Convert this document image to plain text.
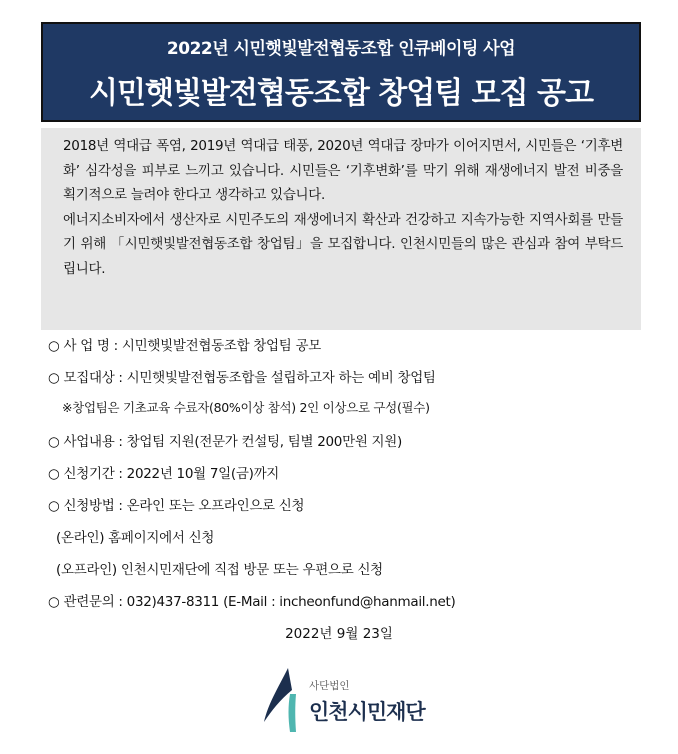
2022년 시민햇빛발전협동조합 인큐베이팅 사업
시민햇빛발전협동조합 창업팀 모집 공고

2018년 역대급 폭염, 2019년 역대급 태풍, 2020년 역대급 장마가 이어지면서, 시민들은 ‘기후변화’ 심각성을 피부로 느끼고 있습니다. 시민들은 ‘기후변화’를 막기 위해 재생에너지 발전 비중을 획기적으로 늘려야 한다고 생각하고 있습니다.

에너지소비자에서 생산자로 시민주도의 재생에너지 확산과 건강하고 지속가능한 지역사회를 만들기 위해 「시민햇빛발전협동조합 창업팀」을 모집합니다. 인천시민들의 많은 관심과 참여 부탁드립니다.

○ 사 업 명 : 시민햇빛발전협동조합 창업팀 공모
○ 모집대상 : 시민햇빛발전협동조합을 설립하고자 하는 예비 창업팀
※창업팀은 기초교육 수료자(80%이상 참석) 2인 이상으로 구성(필수)
○ 사업내용 : 창업팀 지원(전문가 컨설팅, 팀별 200만원 지원)
○ 신청기간 : 2022년 10월 7일(금)까지
○ 신청방법 : 온라인 또는 오프라인으로 신청
(온라인) 홈페이지에서 신청
(오프라인) 인천시민재단에 직접 방문 또는 우편으로 신청
○ 관련문의 : 032)437-8311 (E-Mail : incheonfund@hanmail.net)
2022년 9월 23일
사단법인
인천시민재단
